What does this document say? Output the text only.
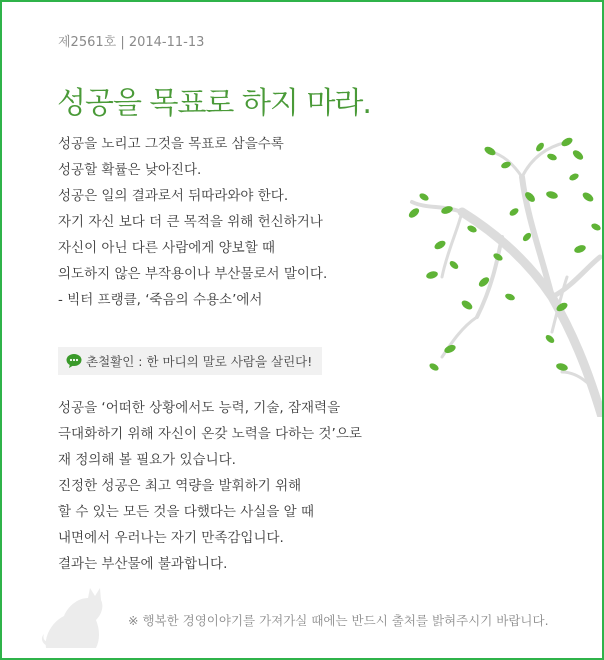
제2561호 | 2014-11-13
성공을 목표로 하지 마라.
성공을 노리고 그것을 목표로 삼을수록
성공할 확률은 낮아진다.
성공은 일의 결과로서 뒤따라와야 한다.
자기 자신 보다 더 큰 목적을 위해 헌신하거나
자신이 아닌 다른 사람에게 양보할 때
의도하지 않은 부작용이나 부산물로서 말이다.
- 빅터 프랭클, ‘죽음의 수용소’에서
촌철활인 : 한 마디의 말로 사람을 살린다!
성공을 ‘어떠한 상황에서도 능력, 기술, 잠재력을
극대화하기 위해 자신이 온갖 노력을 다하는 것’으로
재 정의해 볼 필요가 있습니다.
진정한 성공은 최고 역량을 발휘하기 위해
할 수 있는 모든 것을 다했다는 사실을 알 때
내면에서 우러나는 자기 만족감입니다.
결과는 부산물에 불과합니다.
※ 행복한 경영이야기를 가져가실 때에는 반드시 출처를 밝혀주시기 바랍니다.
